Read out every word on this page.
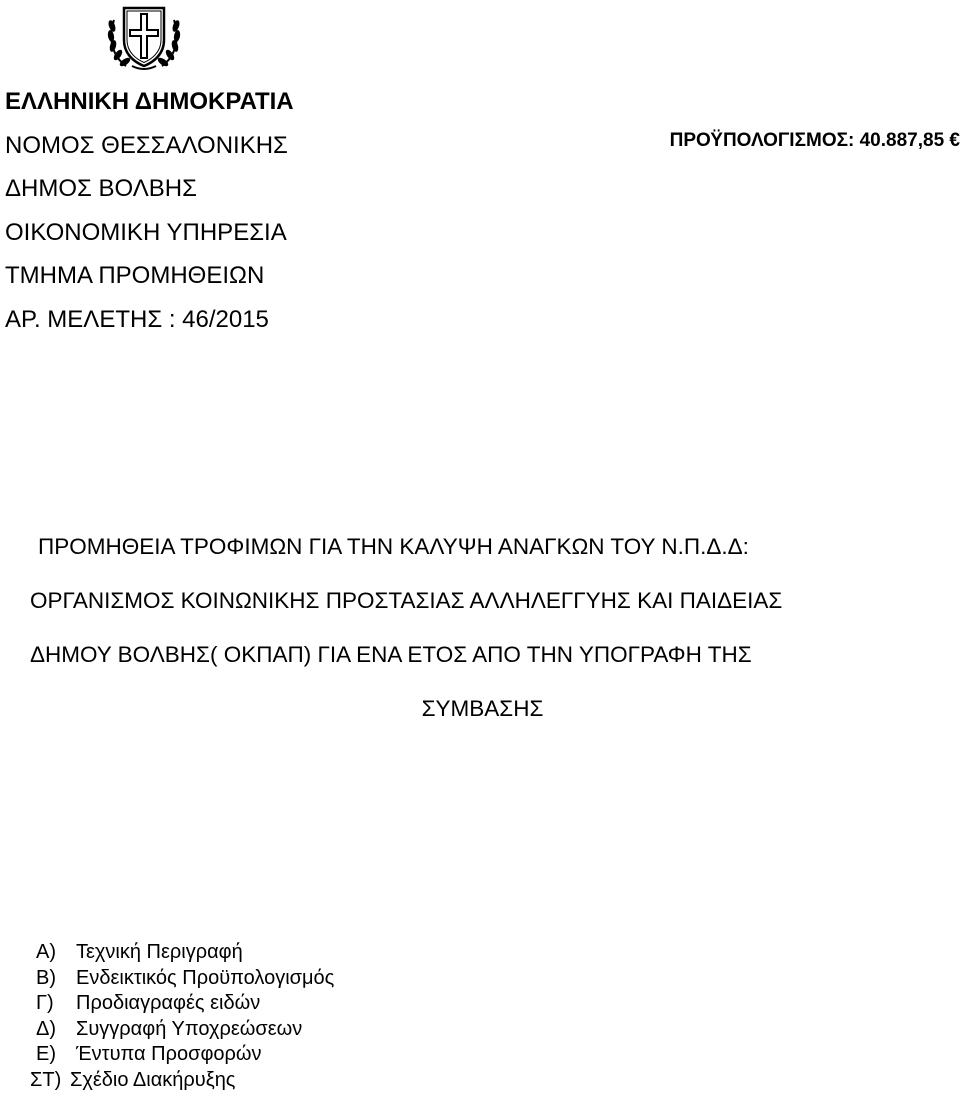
ΕΛΛΗΝΙΚΗ ΔΗΜΟΚΡΑΤΙΑ
ΝΟΜΟΣ ΘΕΣΣΑΛΟΝΙΚΗΣ
ΔΗΜΟΣ ΒΟΛΒΗΣ
ΟΙΚΟΝΟΜΙΚΗ ΥΠΗΡΕΣΙΑ
ΤΜΗΜΑ ΠΡΟΜΗΘΕΙΩΝ
ΑΡ. ΜΕΛΕΤΗΣ : 46/2015
ΠΡΟΫΠΟΛΟΓΙΣΜΟΣ: 40.887,85 €
ΠΡΟΜΗΘΕΙΑ ΤΡΟΦΙΜΩΝ ΓΙΑ ΤΗΝ ΚΑΛΥΨΗ ΑΝΑΓΚΩΝ ΤΟΥ Ν.Π.Δ.Δ:
ΟΡΓΑΝΙΣΜΟΣ ΚΟΙΝΩΝΙΚΗΣ ΠΡΟΣΤΑΣΙΑΣ ΑΛΛΗΛΕΓΓΥΗΣ ΚΑΙ ΠΑΙΔΕΙΑΣ
ΔΗΜΟΥ ΒΟΛΒΗΣ( ΟΚΠΑΠ) ΓΙΑ ΕΝΑ ΕΤΟΣ ΑΠΟ ΤΗΝ ΥΠΟΓΡΑΦΗ ΤΗΣ
ΣΥΜΒΑΣΗΣ
Α) Τεχνική Περιγραφή
Β) Ενδεικτικός Προϋπολογισμός
Γ) Προδιαγραφές ειδών
Δ) Συγγραφή Υποχρεώσεων
Ε) Έντυπα Προσφορών
ΣΤ) Σχέδιο Διακήρυξης
